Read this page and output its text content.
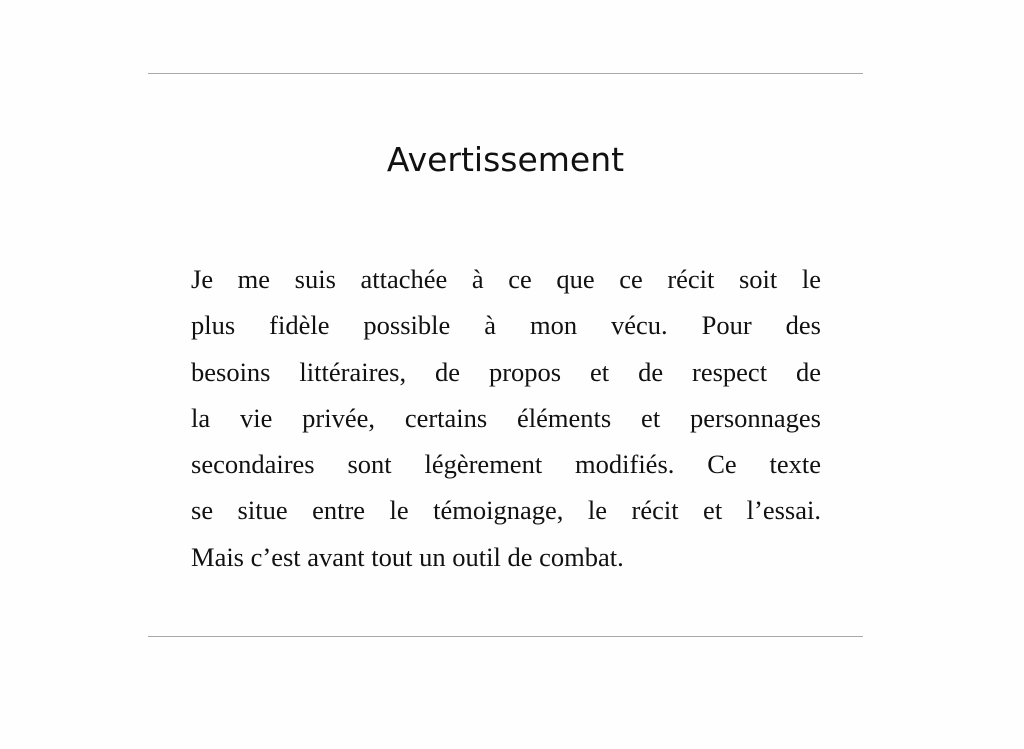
Avertissement
Je me suis attachée à ce que ce récit soit le
plus fidèle possible à mon vécu. Pour des
besoins littéraires, de propos et de respect de
la vie privée, certains éléments et personnages
secondaires sont légèrement modifiés. Ce texte
se situe entre le témoignage, le récit et l’essai.
Mais c’est avant tout un outil de combat.
